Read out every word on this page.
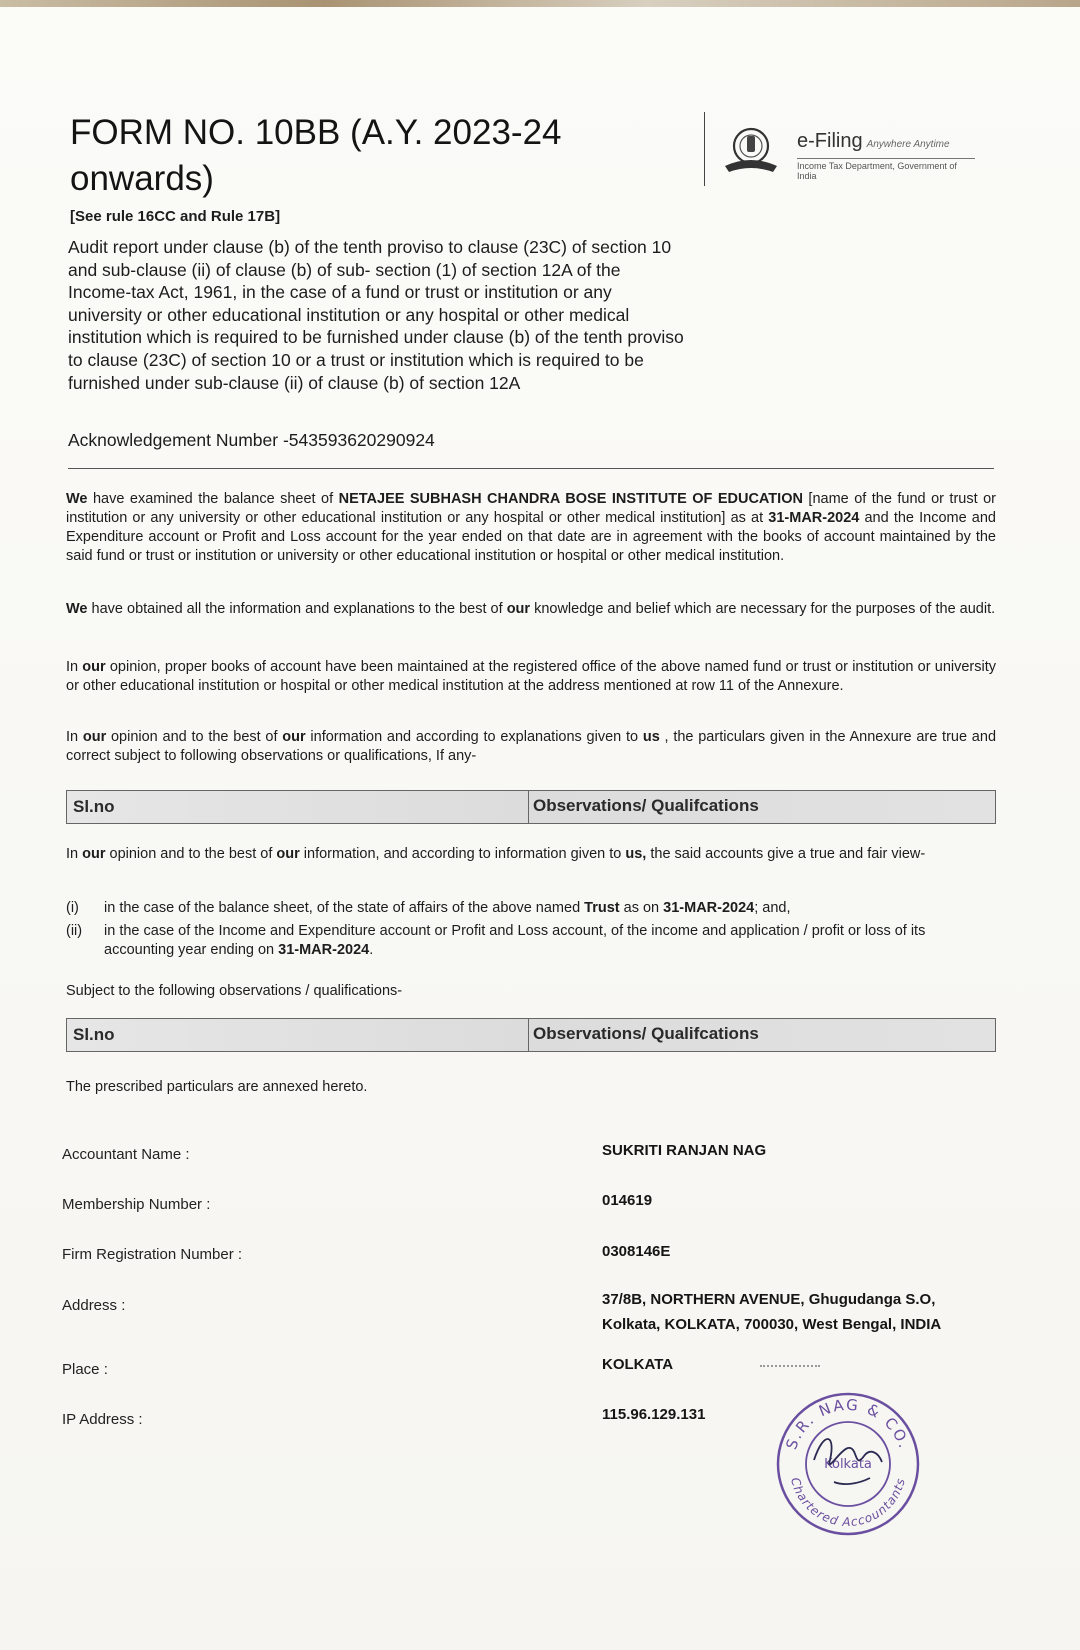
FORM NO. 10BB (A.Y. 2023-24
onwards)
e-Filing Anywhere Anytime
Income Tax Department, Government of India
[See rule 16CC and Rule 17B]
Audit report under clause (b) of the tenth proviso to clause (23C) of section 10 and sub-clause (ii) of clause (b) of sub- section (1) of section 12A of the Income-tax Act, 1961, in the case of a fund or trust or institution or any university or other educational institution or any hospital or other medical institution which is required to be furnished under clause (b) of the tenth proviso to clause (23C) of section 10 or a trust or institution which is required to be furnished under sub-clause (ii) of clause (b) of section 12A
Acknowledgement Number -543593620290924
We have examined the balance sheet of NETAJEE SUBHASH CHANDRA BOSE INSTITUTE OF EDUCATION [name of the fund or trust or institution or any university or other educational institution or any hospital or other medical institution] as at 31-MAR-2024 and the Income and Expenditure account or Profit and Loss account for the year ended on that date are in agreement with the books of account maintained by the said fund or trust or institution or university or other educational institution or hospital or other medical institution.
We have obtained all the information and explanations to the best of our knowledge and belief which are necessary for the purposes of the audit.
In our opinion, proper books of account have been maintained at the registered office of the above named fund or trust or institution or university or other educational institution or hospital or other medical institution at the address mentioned at row 11 of the Annexure.
In our opinion and to the best of our information and according to explanations given to us , the particulars given in the Annexure are true and correct subject to following observations or qualifications, If any-
Sl.no	Observations/ Qualifcations
In our opinion and to the best of our information, and according to information given to us, the said accounts give a true and fair view-
(i)	in the case of the balance sheet, of the state of affairs of the above named Trust as on 31-MAR-2024; and,
(ii)	in the case of the Income and Expenditure account or Profit and Loss account, of the income and application / profit or loss of its accounting year ending on 31-MAR-2024.
Subject to the following observations / qualifications-
Sl.no	Observations/ Qualifcations
The prescribed particulars are annexed hereto.
Accountant Name :	SUKRITI RANJAN NAG
Membership Number :	014619
Firm Registration Number :	0308146E
Address :	37/8B, NORTHERN AVENUE, Ghugudanga S.O,
Kolkata, KOLKATA, 700030, West Bengal, INDIA
Place :	KOLKATA
IP Address :	115.96.129.131
S.R. NAG & CO.
Chartered Accountants
Kolkata
